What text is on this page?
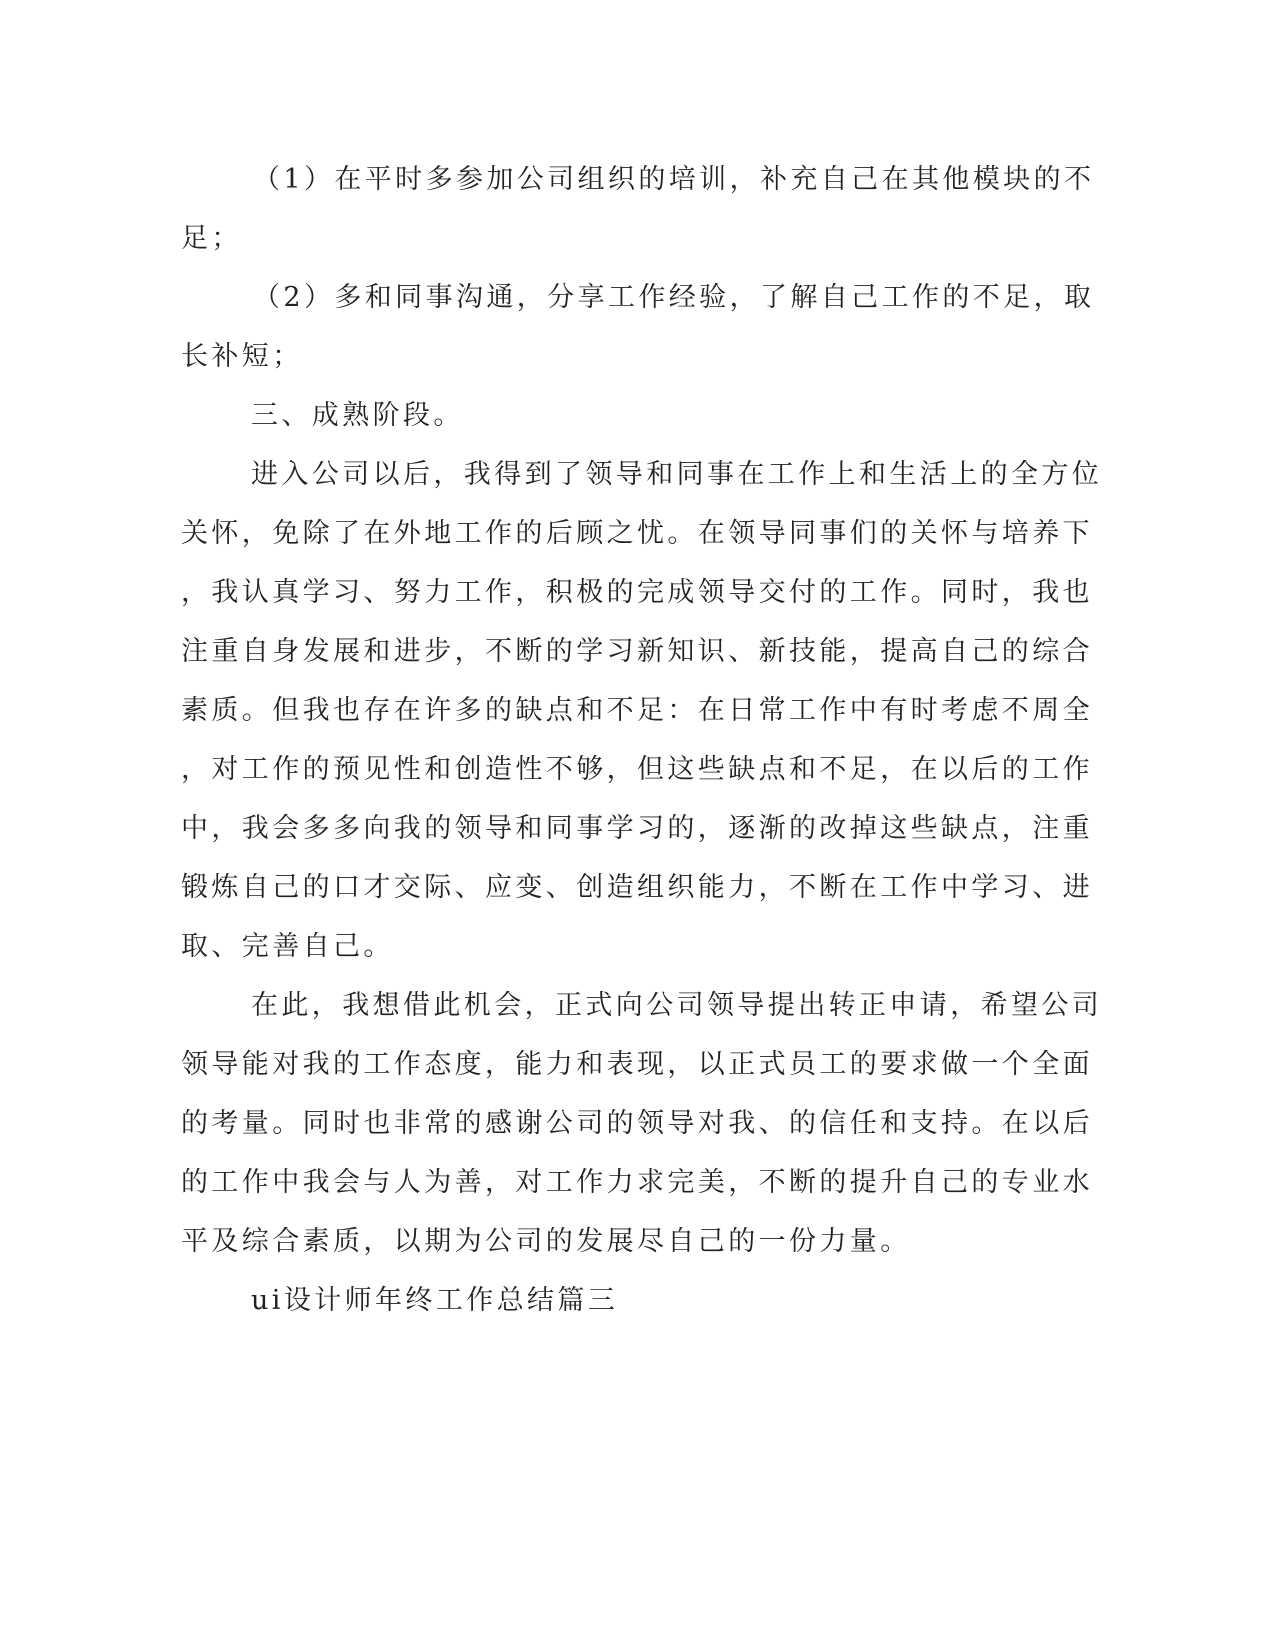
（1）在平时多参加公司组织的培训，补充自己在其他模块的不
足；
（2）多和同事沟通，分享工作经验，了解自己工作的不足，取
长补短；
三、成熟阶段。
进入公司以后，我得到了领导和同事在工作上和生活上的全方位
关怀，免除了在外地工作的后顾之忧。在领导同事们的关怀与培养下
，我认真学习、努力工作，积极的完成领导交付的工作。同时，我也
注重自身发展和进步，不断的学习新知识、新技能，提高自己的综合
素质。但我也存在许多的缺点和不足：在日常工作中有时考虑不周全
，对工作的预见性和创造性不够，但这些缺点和不足，在以后的工作
中，我会多多向我的领导和同事学习的，逐渐的改掉这些缺点，注重
锻炼自己的口才交际、应变、创造组织能力，不断在工作中学习、进
取、完善自己。
在此，我想借此机会，正式向公司领导提出转正申请，希望公司
领导能对我的工作态度，能力和表现，以正式员工的要求做一个全面
的考量。同时也非常的感谢公司的领导对我、的信任和支持。在以后
的工作中我会与人为善，对工作力求完美，不断的提升自己的专业水
平及综合素质，以期为公司的发展尽自己的一份力量。
ui设计师年终工作总结篇三
